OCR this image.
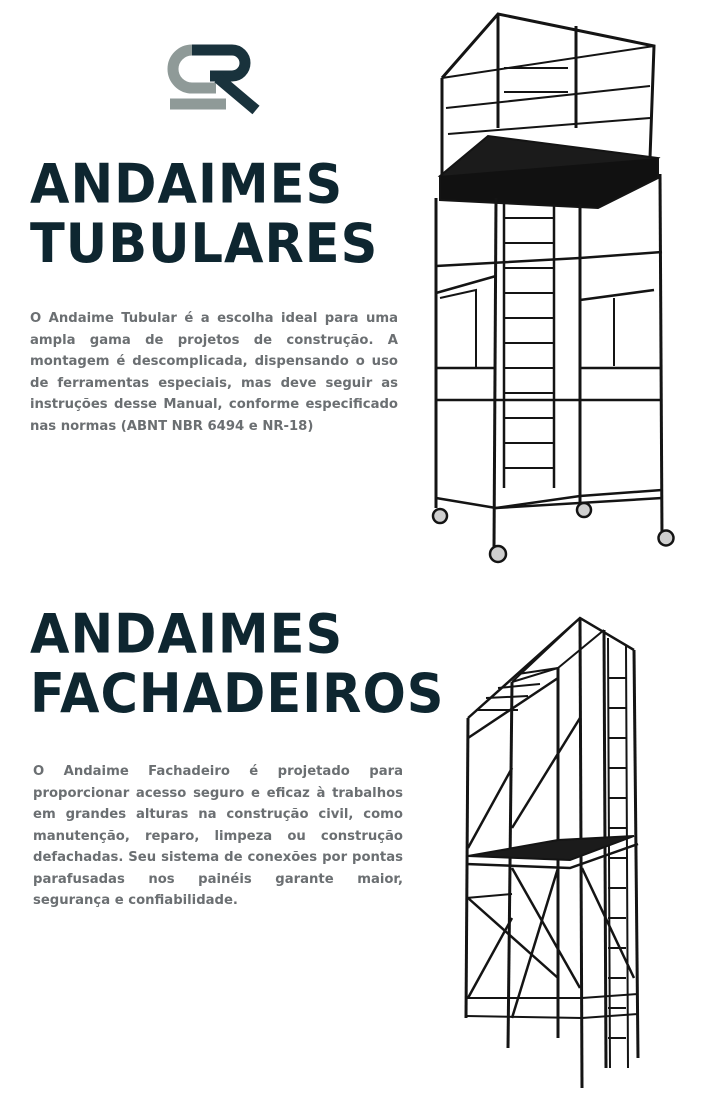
ANDAIMES
TUBULARES

O Andaime Tubular é a escolha ideal para uma ampla gama de projetos de construção. A montagem é descomplicada, dispensando o uso de ferramentas especiais, mas deve seguir as instruções desse Manual, conforme especificado nas normas (ABNT NBR 6494 e NR-18)

ANDAIMES
FACHADEIROS

O Andaime Fachadeiro é projetado para proporcionar acesso seguro e eficaz à trabalhos em grandes alturas na construção civil, como manutenção, reparo, limpeza ou construção defachadas. Seu sistema de conexões por pontas parafusadas nos painéis garante maior, segurança e confiabilidade.
